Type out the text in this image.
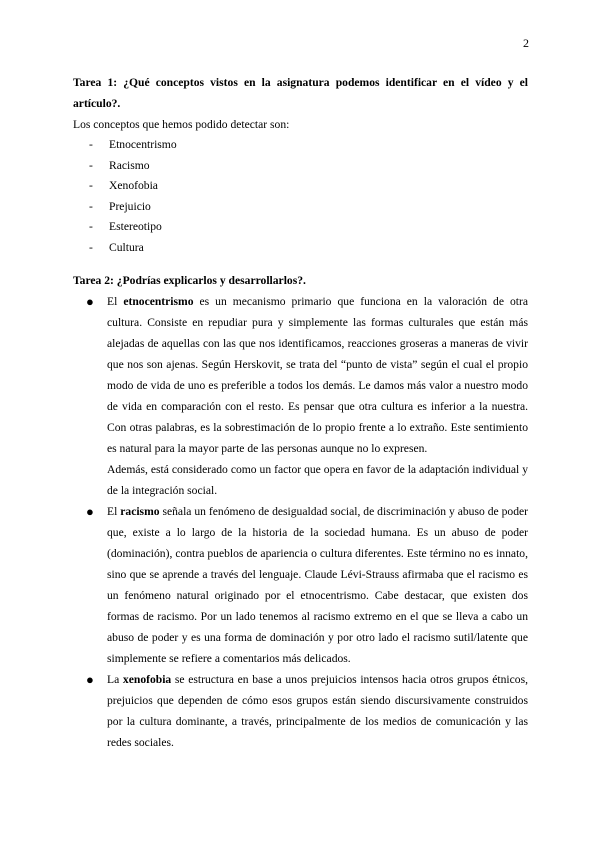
2

Tarea 1: ¿Qué conceptos vistos en la asignatura podemos identificar en el vídeo y el artículo?.

Los conceptos que hemos podido detectar son:

- Etnocentrismo
- Racismo
- Xenofobia
- Prejuicio
- Estereotipo
- Cultura

Tarea 2: ¿Podrías explicarlos y desarrollarlos?.

● El etnocentrismo es un mecanismo primario que funciona en la valoración de otra cultura. Consiste en repudiar pura y simplemente las formas culturales que están más alejadas de aquellas con las que nos identificamos, reacciones groseras a maneras de vivir que nos son ajenas. Según Herskovit, se trata del “punto de vista” según el cual el propio modo de vida de uno es preferible a todos los demás. Le damos más valor a nuestro modo de vida en comparación con el resto. Es pensar que otra cultura es inferior a la nuestra. Con otras palabras, es la sobrestimación de lo propio frente a lo extraño. Este sentimiento es natural para la mayor parte de las personas aunque no lo expresen.

Además, está considerado como un factor que opera en favor de la adaptación individual y de la integración social.

● El racismo señala un fenómeno de desigualdad social, de discriminación y abuso de poder que, existe a lo largo de la historia de la sociedad humana. Es un abuso de poder (dominación), contra pueblos de apariencia o cultura diferentes. Este término no es innato, sino que se aprende a través del lenguaje. Claude Lévi-Strauss afirmaba que el racismo es un fenómeno natural originado por el etnocentrismo. Cabe destacar, que existen dos formas de racismo. Por un lado tenemos al racismo extremo en el que se lleva a cabo un abuso de poder y es una forma de dominación y por otro lado el racismo sutil/latente que simplemente se refiere a comentarios más delicados.

● La xenofobia se estructura en base a unos prejuicios intensos hacia otros grupos étnicos, prejuicios que dependen de cómo esos grupos están siendo discursivamente construidos por la cultura dominante, a través, principalmente de los medios de comunicación y las redes sociales.
